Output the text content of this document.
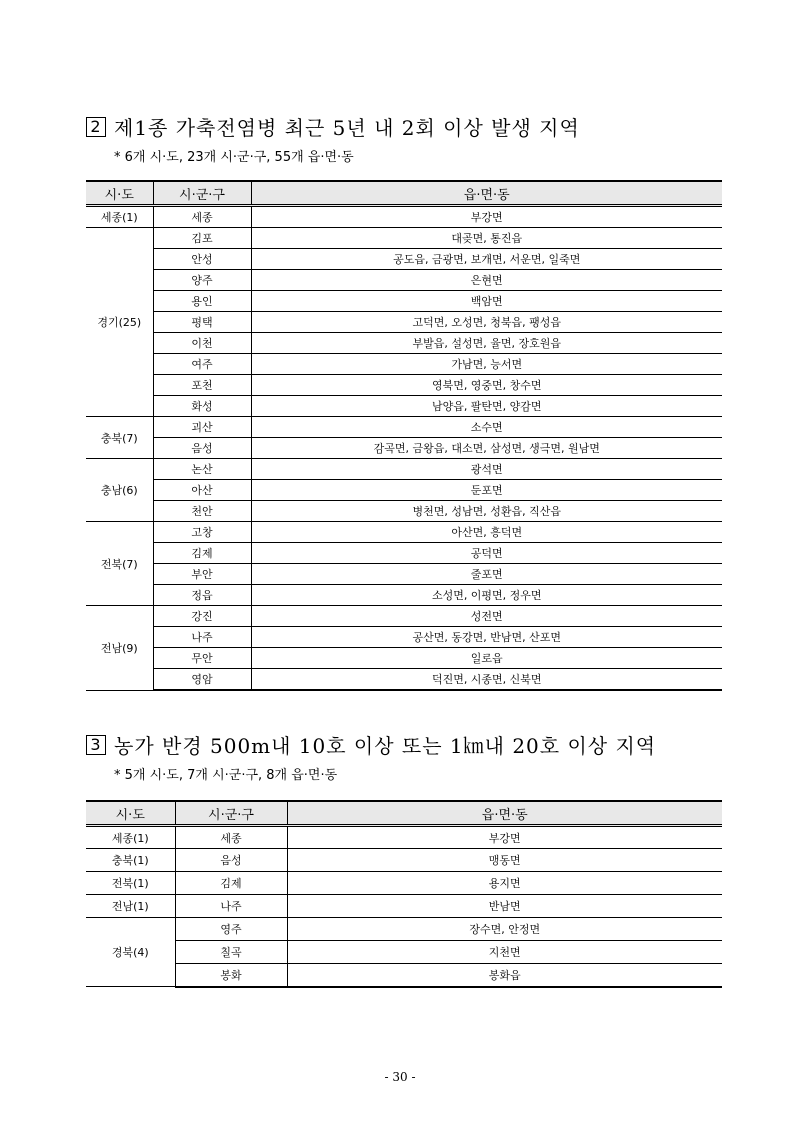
2 제1종 가축전염병 최근 5년 내 2회 이상 발생 지역
* 6개 시·도, 23개 시·군·구, 55개 읍·면·동
시·도	시·군·구	읍·면·동
세종(1)	세종	부강면
경기(25)	김포	대곶면, 통진읍
	안성	공도읍, 금광면, 보개면, 서운면, 일죽면
	양주	은현면
	용인	백암면
	평택	고덕면, 오성면, 청북읍, 팽성읍
	이천	부발읍, 설성면, 율면, 장호원읍
	여주	가남면, 능서면
	포천	영북면, 영중면, 창수면
	화성	남양읍, 팔탄면, 양감면
충북(7)	괴산	소수면
	음성	감곡면, 금왕읍, 대소면, 삼성면, 생극면, 원남면
충남(6)	논산	광석면
	아산	둔포면
	천안	병천면, 성남면, 성환읍, 직산읍
전북(7)	고창	아산면, 흥덕면
	김제	공덕면
	부안	줄포면
	정읍	소성면, 이평면, 정우면
전남(9)	강진	성전면
	나주	공산면, 동강면, 반남면, 산포면
	무안	일로읍
	영암	덕진면, 시종면, 신북면
3 농가 반경 500m내 10호 이상 또는 1㎞내 20호 이상 지역
* 5개 시·도, 7개 시·군·구, 8개 읍·면·동
시·도	시·군·구	읍·면·동
세종(1)	세종	부강면
충북(1)	음성	맹동면
전북(1)	김제	용지면
전남(1)	나주	반남면
경북(4)	영주	장수면, 안정면
	칠곡	지천면
	봉화	봉화읍
- 30 -
